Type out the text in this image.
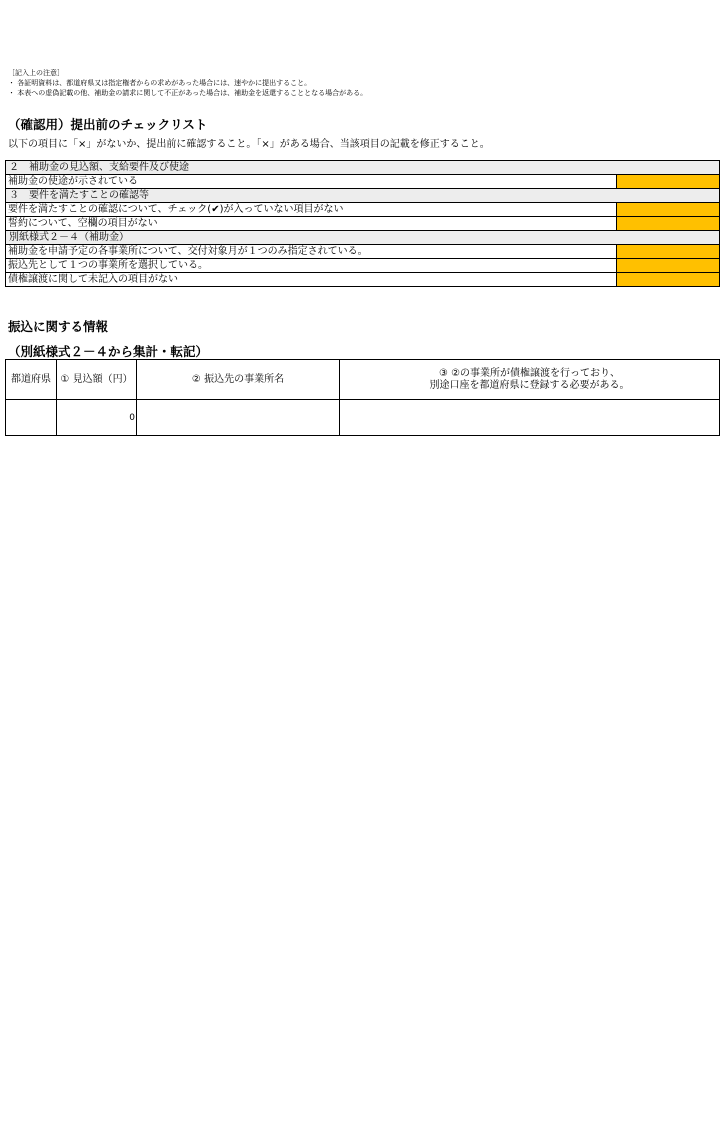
［記入上の注意］
・ 各証明資料は、都道府県又は指定権者からの求めがあった場合には、速やかに提出すること。
・ 本表への虚偽記載の他、補助金の請求に関して不正があった場合は、補助金を返還することとなる場合がある。
（確認用）提出前のチェックリスト
以下の項目に「×」がないか、提出前に確認すること。「×」がある場合、当該項目の記載を修正すること。
２　補助金の見込額、支給要件及び使途	
補助金の使途が示されている	
３　要件を満たすことの確認等	
要件を満たすことの確認について、チェック(✔)が入っていない項目がない	
誓約について、空欄の項目がない	
別紙様式２－４（補助金）	
補助金を申請予定の各事業所について、交付対象月が１つのみ指定されている。	
振込先として１つの事業所を選択している。	
債権譲渡に関して未記入の項目がない	
振込に関する情報
（別紙様式２－４から集計・転記）
都道府県	① 見込額（円）	② 振込先の事業所名	③ ②の事業所が債権譲渡を行っており、
別途口座を都道府県に登録する必要がある。

	0		
